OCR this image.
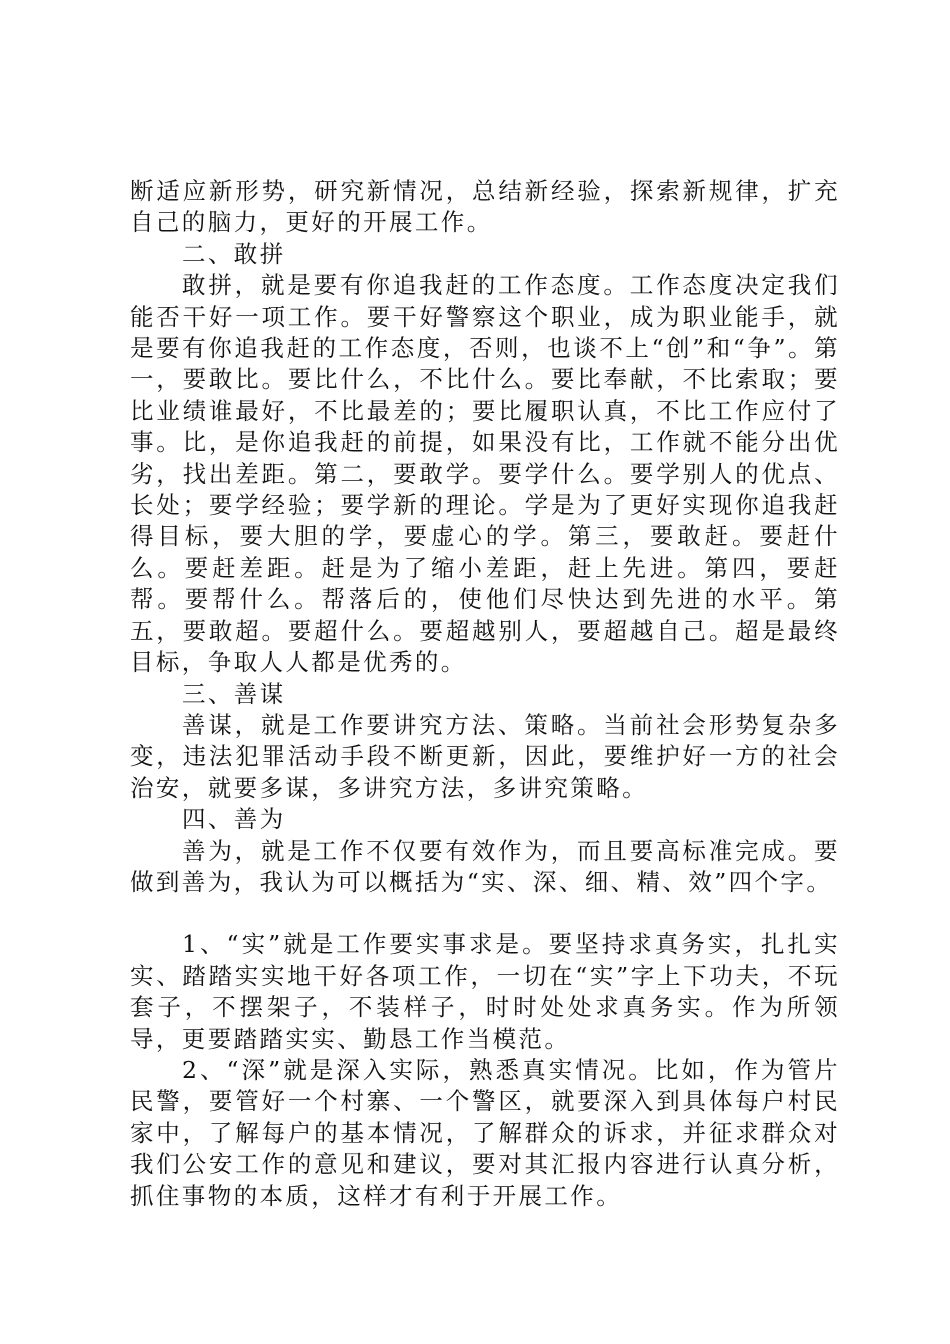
断适应新形势，研究新情况，总结新经验，探索新规律，扩充自己的脑力，更好的开展工作。

二、敢拼

敢拼，就是要有你追我赶的工作态度。工作态度决定我们能否干好一项工作。要干好警察这个职业，成为职业能手，就是要有你追我赶的工作态度，否则，也谈不上“创”和“争”。第一，要敢比。要比什么，不比什么。要比奉献，不比索取；要比业绩谁最好，不比最差的；要比履职认真，不比工作应付了事。比，是你追我赶的前提，如果没有比，工作就不能分出优劣，找出差距。第二，要敢学。要学什么。要学别人的优点、长处；要学经验；要学新的理论。学是为了更好实现你追我赶得目标，要大胆的学，要虚心的学。第三，要敢赶。要赶什么。要赶差距。赶是为了缩小差距，赶上先进。第四，要赶帮。要帮什么。帮落后的，使他们尽快达到先进的水平。第五，要敢超。要超什么。要超越别人，要超越自己。超是最终目标，争取人人都是优秀的。

三、善谋

善谋，就是工作要讲究方法、策略。当前社会形势复杂多变，违法犯罪活动手段不断更新，因此，要维护好一方的社会治安，就要多谋，多讲究方法，多讲究策略。

四、善为

善为，就是工作不仅要有效作为，而且要高标准完成。要做到善为，我认为可以概括为“实、深、细、精、效”四个字。

1、“实”就是工作要实事求是。要坚持求真务实，扎扎实实、踏踏实实地干好各项工作，一切在“实”字上下功夫，不玩套子，不摆架子，不装样子，时时处处求真务实。作为所领导，更要踏踏实实、勤恳工作当模范。

2、“深”就是深入实际，熟悉真实情况。比如，作为管片民警，要管好一个村寨、一个警区，就要深入到具体每户村民家中，了解每户的基本情况，了解群众的诉求，并征求群众对我们公安工作的意见和建议，要对其汇报内容进行认真分析，抓住事物的本质，这样才有利于开展工作。
